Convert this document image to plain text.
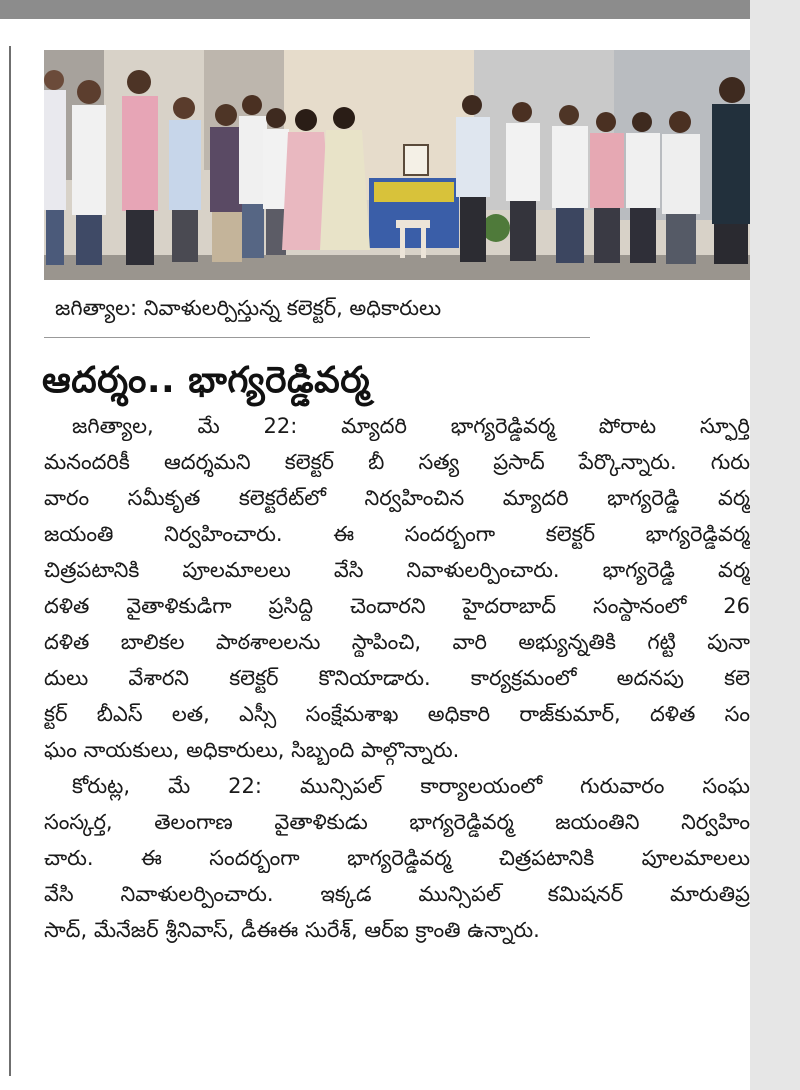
జగిత్యాల: నివాళులర్పిస్తున్న కలెక్టర్‌, అధికారులు
ఆదర్శం.. భాగ్యరెడ్డివర్మ
జగిత్యాల, మే 22: మ్యాదరి భాగ్యరెడ్డివర్మ పోరాట స్ఫూర్తి
మనందరికీ ఆదర్శమని కలెక్టర్‌ బీ సత్య ప్రసాద్‌ పేర్కొన్నారు. గురు
వారం సమీకృత కలెక్టరేట్‌లో నిర్వహించిన మ్యాదరి భాగ్యరెడ్డి వర్మ
జయంతి నిర్వహించారు. ఈ సందర్భంగా కలెక్టర్‌ భాగ్యరెడ్డివర్మ
చిత్రపటానికి పూలమాలలు వేసి నివాళులర్పించారు. భాగ్యరెడ్డి వర్మ
దళిత వైతాళికుడిగా ప్రసిద్ధి చెందారని హైదరాబాద్‌ సంస్థానంలో 26
దళిత బాలికల పాఠశాలలను స్థాపించి, వారి అభ్యున్నతికి గట్టి పునా
దులు వేశారని కలెక్టర్‌ కొనియాడారు. కార్యక్రమంలో అదనపు కలె
క్టర్‌ బీఎస్‌ లత, ఎస్సీ సంక్షేమశాఖ అధికారి రాజ్‌కుమార్‌, దళిత సం
ఘం నాయకులు, అధికారులు, సిబ్బంది పాల్గొన్నారు.
కోరుట్ల, మే 22: మున్సిపల్‌ కార్యాలయంలో గురువారం సంఘ
సంస్కర్త, తెలంగాణ వైతాళికుడు భాగ్యరెడ్డివర్మ జయంతిని నిర్వహిం
చారు. ఈ సందర్భంగా భాగ్యరెడ్డివర్మ చిత్రపటానికి పూలమాలలు
వేసి నివాళులర్పించారు. ఇక్కడ మున్సిపల్‌ కమిషనర్‌ మారుతిప్ర
సాద్‌, మేనేజర్‌ శ్రీనివాస్‌, డీఈఈ సురేశ్‌, ఆర్‌ఐ క్రాంతి ఉన్నారు.
